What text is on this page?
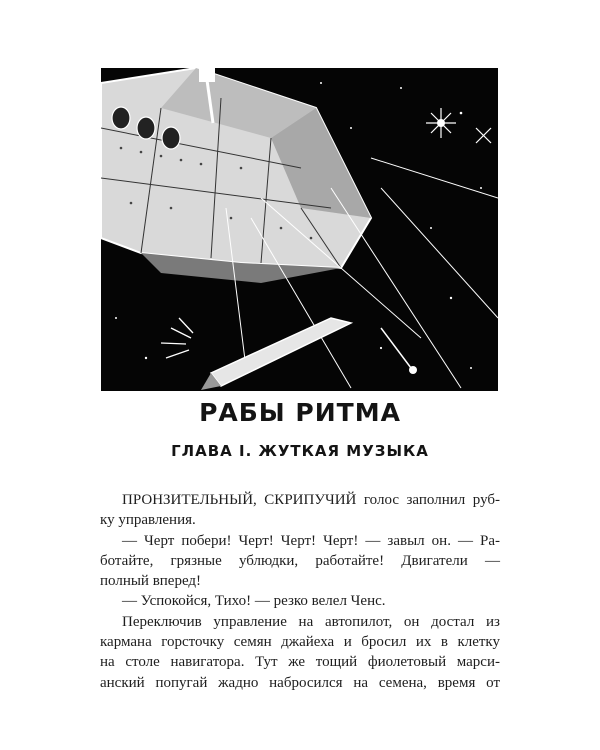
РАБЫ РИТМА
ГЛАВА I. ЖУТКАЯ МУЗЫКА
ПРОНЗИТЕЛЬНЫЙ, СКРИПУЧИЙ голос заполнил руб-
ку управления.
— Черт побери! Черт! Черт! Черт! — завыл он. — Ра-
ботайте, грязные ублюдки, работайте! Двигатели —
полный вперед!
— Успокойся, Тихо! — резко велел Ченс.
Переключив управление на автопилот, он достал из
кармана горсточку семян джайеха и бросил их в клетку
на столе навигатора. Тут же тощий фиолетовый марси-
анский попугай жадно набросился на семена, время от
